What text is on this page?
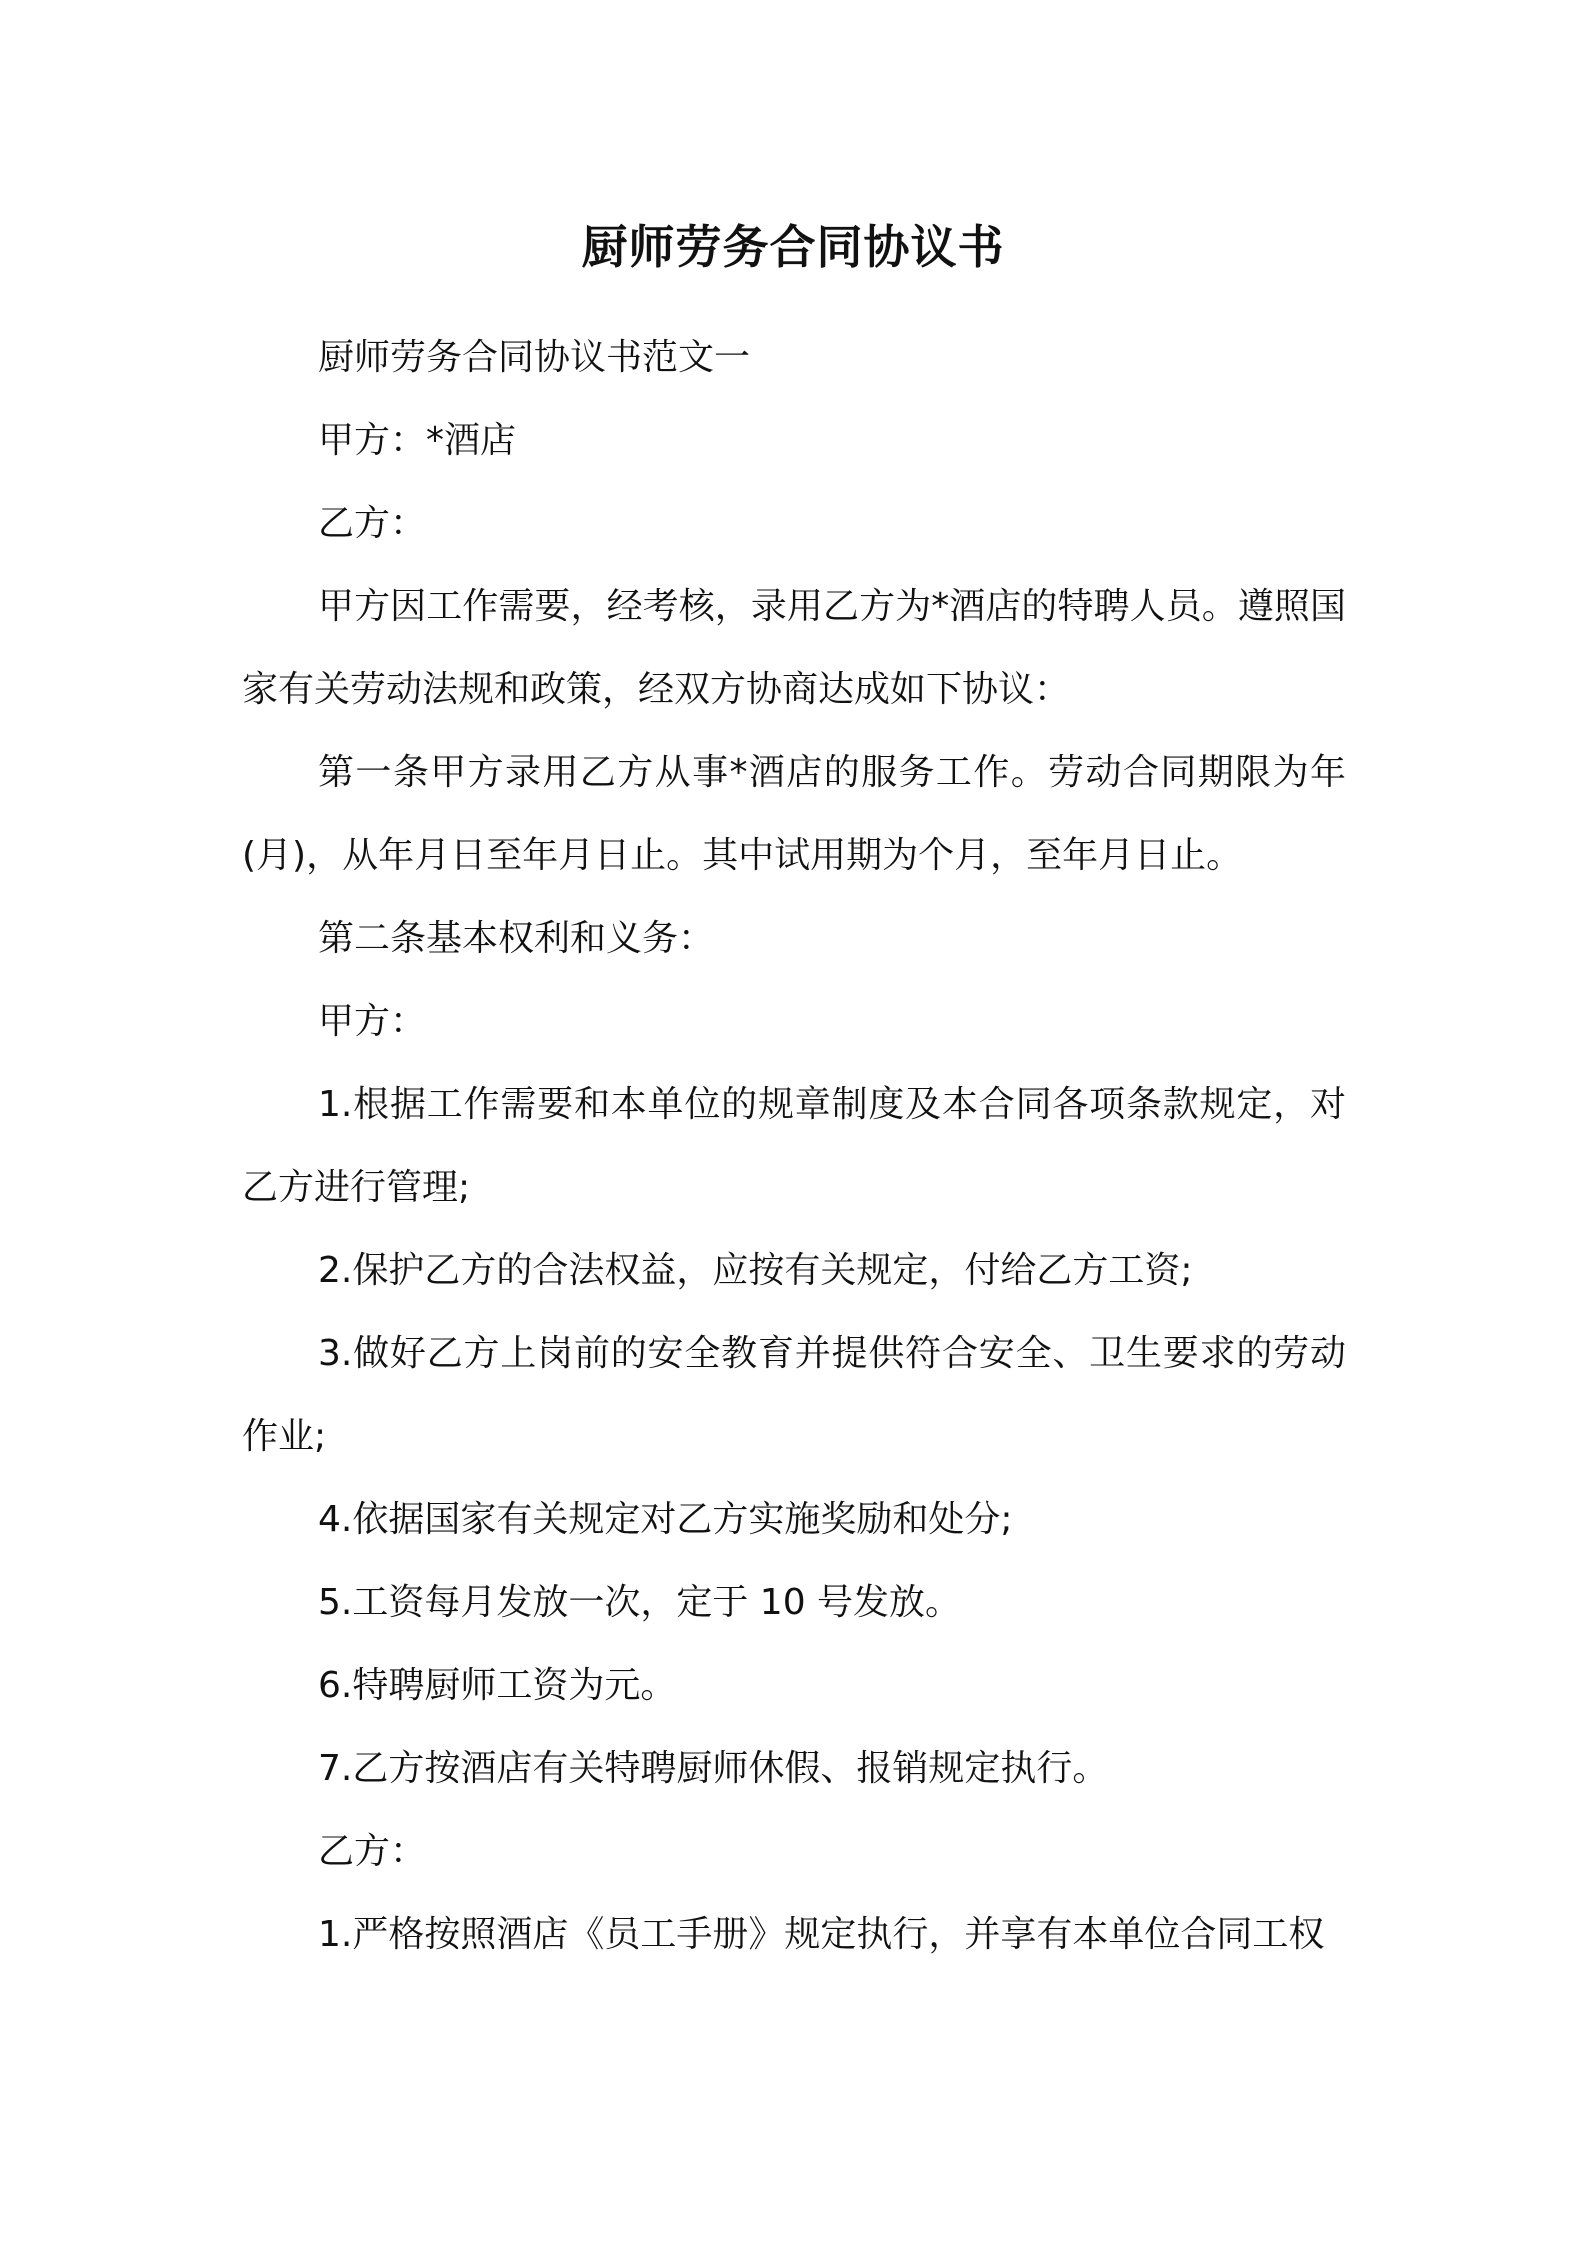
厨师劳务合同协议书

厨师劳务合同协议书范文一

甲方：*酒店

乙方：

甲方因工作需要，经考核，录用乙方为*酒店的特聘人员。遵照国家有关劳动法规和政策，经双方协商达成如下协议：

第一条甲方录用乙方从事*酒店的服务工作。劳动合同期限为年(月)，从年月日至年月日止。其中试用期为个月，至年月日止。

第二条基本权利和义务：

甲方：

1.根据工作需要和本单位的规章制度及本合同各项条款规定，对乙方进行管理;

2.保护乙方的合法权益，应按有关规定，付给乙方工资;

3.做好乙方上岗前的安全教育并提供符合安全、卫生要求的劳动作业;

4.依据国家有关规定对乙方实施奖励和处分;

5.工资每月发放一次，定于 10 号发放。

6.特聘厨师工资为元。

7.乙方按酒店有关特聘厨师休假、报销规定执行。

乙方：

1.严格按照酒店《员工手册》规定执行，并享有本单位合同工权
